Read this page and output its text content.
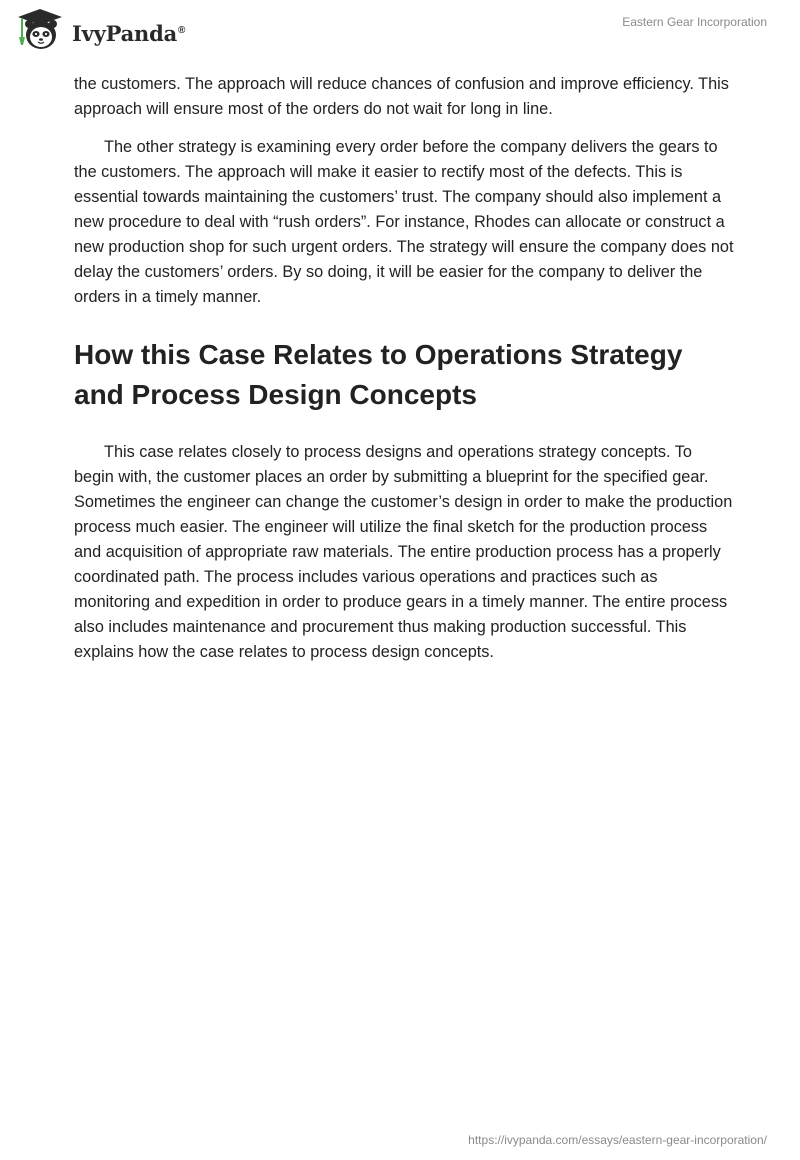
IvyPanda®
Eastern Gear Incorporation

the customers. The approach will reduce chances of confusion and improve efficiency. This approach will ensure most of the orders do not wait for long in line.

The other strategy is examining every order before the company delivers the gears to the customers. The approach will make it easier to rectify most of the defects. This is essential towards maintaining the customers’ trust. The company should also implement a new procedure to deal with “rush orders”. For instance, Rhodes can allocate or construct a new production shop for such urgent orders. The strategy will ensure the company does not delay the customers’ orders. By so doing, it will be easier for the company to deliver the orders in a timely manner.

How this Case Relates to Operations Strategy and Process Design Concepts

This case relates closely to process designs and operations strategy concepts. To begin with, the customer places an order by submitting a blueprint for the specified gear. Sometimes the engineer can change the customer’s design in order to make the production process much easier. The engineer will utilize the final sketch for the production process and acquisition of appropriate raw materials. The entire production process has a properly coordinated path. The process includes various operations and practices such as monitoring and expedition in order to produce gears in a timely manner. The entire process also includes maintenance and procurement thus making production successful. This explains how the case relates to process design concepts.

https://ivypanda.com/essays/eastern-gear-incorporation/
